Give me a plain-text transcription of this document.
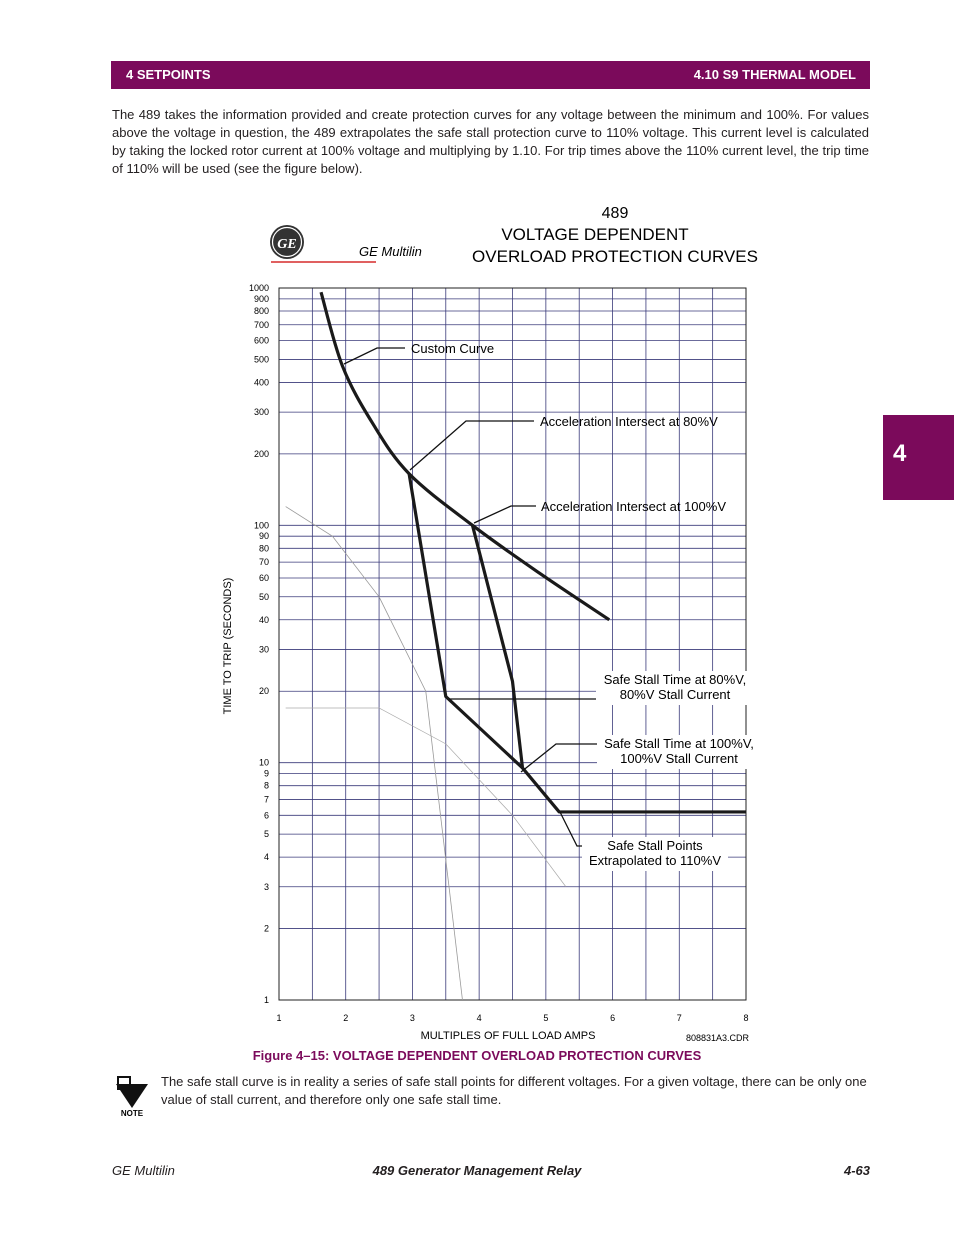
4 SETPOINTS	4.10 S9 THERMAL MODEL

The 489 takes the information provided and create protection curves for any voltage between the minimum and 100%. For values above the voltage in question, the 489 extrapolates the safe stall protection curve to 110% voltage. This current level is calculated by taking the locked rotor current at 100% voltage and multiplying by 1.10. For trip times above the 110% current level, the trip time of 110% will be used (see the figure below).

4
GE	GE Multilin
489
VOLTAGE DEPENDENT
OVERLOAD PROTECTION CURVES
1000
900
800
700
600
500
400
300
200
100
90
80
70
60
50
40
30
20
10
9
8
7
6
5
4
3
2
1
1	2	3	4	5	6	7	8
MULTIPLES OF FULL LOAD AMPS
TIME TO TRIP (SECONDS)
808831A3.CDR
Custom Curve
Acceleration Intersect at 80%V
Acceleration Intersect at 100%V
Safe Stall Time at 80%V,
80%V Stall Current
Safe Stall Time at 100%V,
100%V Stall Current
Safe Stall Points
Extrapolated to 110%V
Figure 4–15: VOLTAGE DEPENDENT OVERLOAD PROTECTION CURVES
NOTE

The safe stall curve is in reality a series of safe stall points for different voltages. For a given voltage, there can be only one value of stall current, and therefore only one safe stall time.

GE Multilin	489 Generator Management Relay	4-63
